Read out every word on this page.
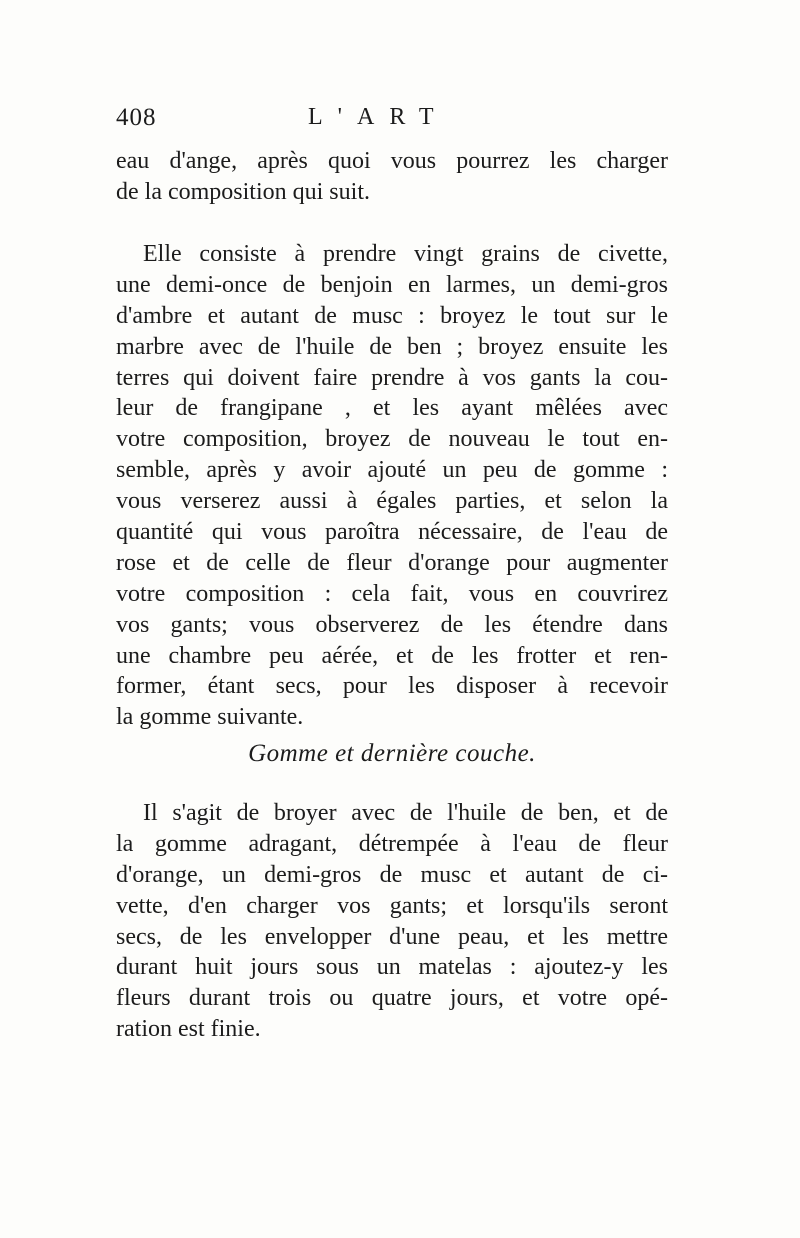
408	L'ART
eau d'ange, après quoi vous pourrez les charger
de la composition qui suit.
Elle consiste à prendre vingt grains de civette,
une demi-once de benjoin en larmes, un demi-gros
d'ambre et autant de musc : broyez le tout sur le
marbre avec de l'huile de ben ; broyez ensuite les
terres qui doivent faire prendre à vos gants la cou-
leur de frangipane , et les ayant mêlées avec
votre composition, broyez de nouveau le tout en-
semble, après y avoir ajouté un peu de gomme :
vous verserez aussi à égales parties, et selon la
quantité qui vous paroîtra nécessaire, de l'eau de
rose et de celle de fleur d'orange pour augmenter
votre composition : cela fait, vous en couvrirez
vos gants; vous observerez de les étendre dans
une chambre peu aérée, et de les frotter et ren-
former, étant secs, pour les disposer à recevoir
la gomme suivante.
Gomme et dernière couche.
Il s'agit de broyer avec de l'huile de ben, et de
la gomme adragant, détrempée à l'eau de fleur
d'orange, un demi-gros de musc et autant de ci-
vette, d'en charger vos gants; et lorsqu'ils seront
secs, de les envelopper d'une peau, et les mettre
durant huit jours sous un matelas : ajoutez-y les
fleurs durant trois ou quatre jours, et votre opé-
ration est finie.
